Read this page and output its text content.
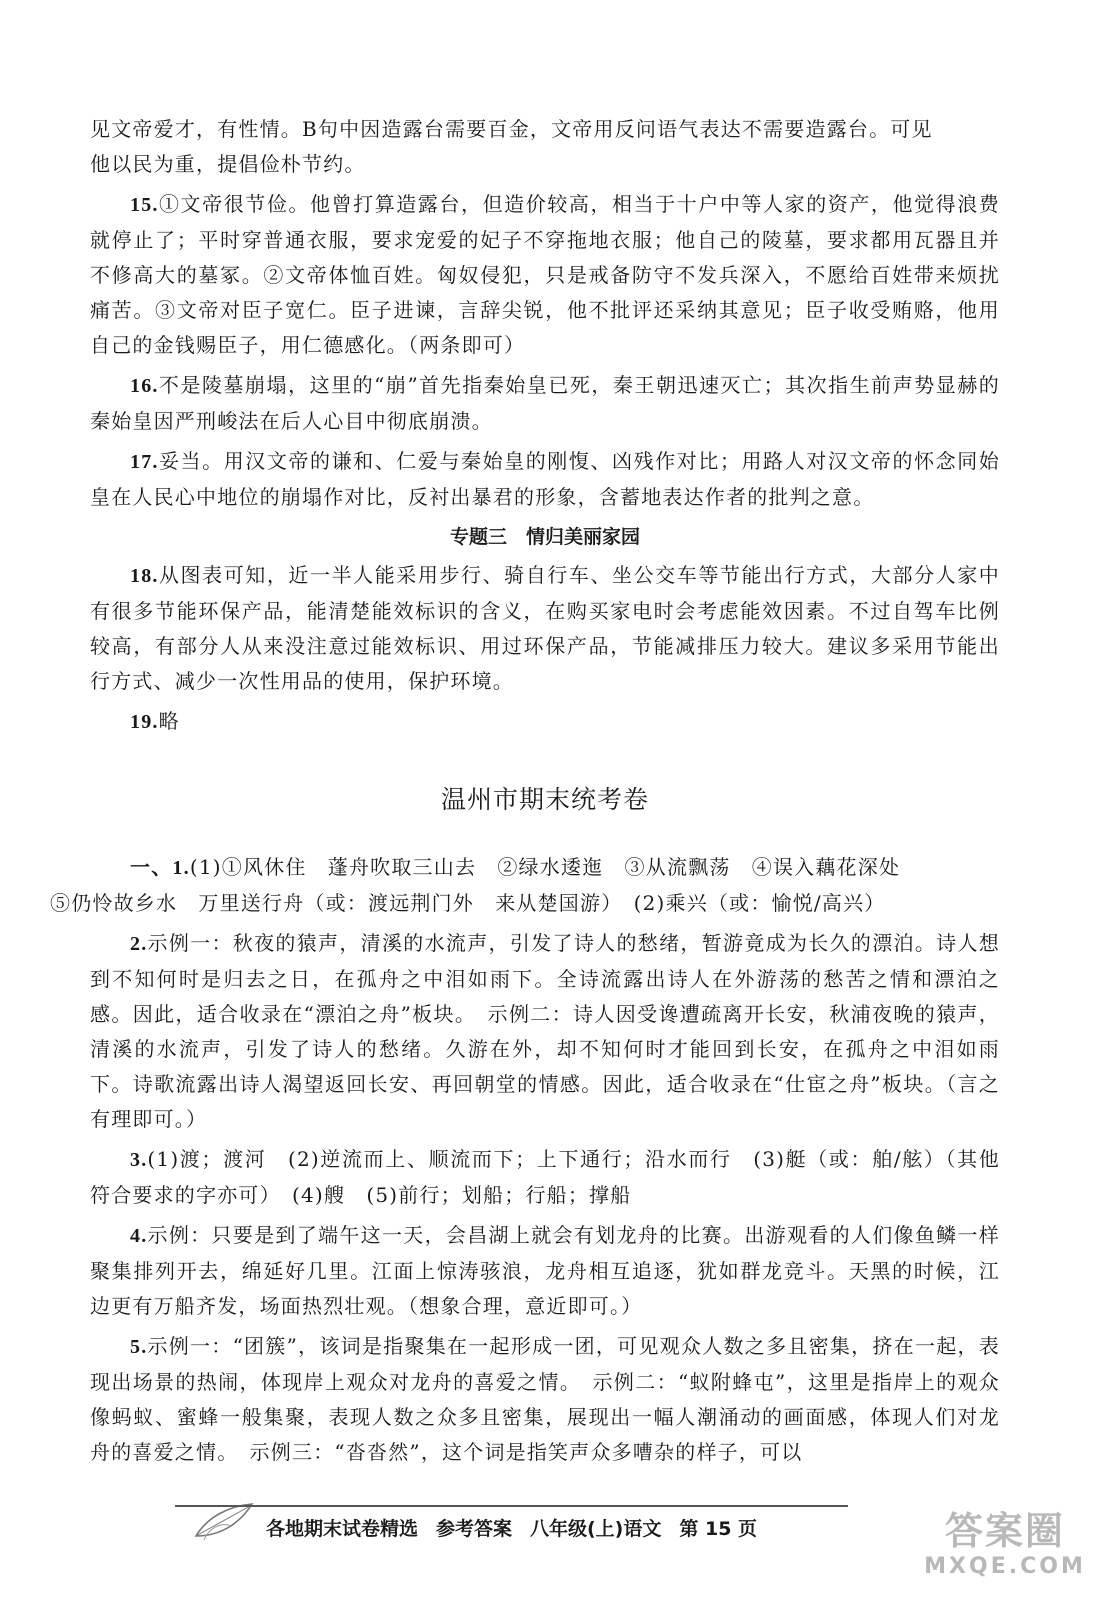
见文帝爱才，有性情。B句中因造露台需要百金，文帝用反问语气表达不需要造露台。可见
他以民为重，提倡俭朴节约。

15.①文帝很节俭。他曾打算造露台，但造价较高，相当于十户中等人家的资产，他觉得浪费就停止了；平时穿普通衣服，要求宠爱的妃子不穿拖地衣服；他自己的陵墓，要求都用瓦器且并不修高大的墓冢。②文帝体恤百姓。匈奴侵犯，只是戒备防守不发兵深入，不愿给百姓带来烦扰痛苦。③文帝对臣子宽仁。臣子进谏，言辞尖锐，他不批评还采纳其意见；臣子收受贿赂，他用自己的金钱赐臣子，用仁德感化。（两条即可）

16.不是陵墓崩塌，这里的“崩”首先指秦始皇已死，秦王朝迅速灭亡；其次指生前声势显赫的秦始皇因严刑峻法在后人心目中彻底崩溃。

17.妥当。用汉文帝的谦和、仁爱与秦始皇的刚愎、凶残作对比；用路人对汉文帝的怀念同始皇在人民心中地位的崩塌作对比，反衬出暴君的形象，含蓄地表达作者的批判之意。

专题三　情归美丽家园

18.从图表可知，近一半人能采用步行、骑自行车、坐公交车等节能出行方式，大部分人家中有很多节能环保产品，能清楚能效标识的含义，在购买家电时会考虑能效因素。不过自驾车比例较高，有部分人从来没注意过能效标识、用过环保产品，节能减排压力较大。建议多采用节能出行方式、减少一次性用品的使用，保护环境。

19.略

温州市期末统考卷

一、1.(1)①风休住　蓬舟吹取三山去　②绿水逶迤　③从流飘荡　④误入藕花深处
⑤仍怜故乡水　万里送行舟（或：渡远荆门外　来从楚国游）　(2)乘兴（或：愉悦/高兴）

2.示例一：秋夜的猿声，清溪的水流声，引发了诗人的愁绪，暂游竟成为长久的漂泊。诗人想到不知何时是归去之日，在孤舟之中泪如雨下。全诗流露出诗人在外游荡的愁苦之情和漂泊之感。因此，适合收录在“漂泊之舟”板块。　示例二：诗人因受谗遭疏离开长安，秋浦夜晚的猿声，清溪的水流声，引发了诗人的愁绪。久游在外，却不知何时才能回到长安，在孤舟之中泪如雨下。诗歌流露出诗人渴望返回长安、再回朝堂的情感。因此，适合收录在“仕宦之舟”板块。（言之有理即可。）

3.(1)渡；渡河　(2)逆流而上、顺流而下；上下通行；沿水而行　(3)艇（或：舶/舷）（其他符合要求的字亦可）　(4)艘　(5)前行；划船；行船；撑船

4.示例：只要是到了端午这一天，会昌湖上就会有划龙舟的比赛。出游观看的人们像鱼鳞一样聚集排列开去，绵延好几里。江面上惊涛骇浪，龙舟相互追逐，犹如群龙竞斗。天黑的时候，江边更有万船齐发，场面热烈壮观。（想象合理，意近即可。）

5.示例一：“团簇”，该词是指聚集在一起形成一团，可见观众人数之多且密集，挤在一起，表现出场景的热闹，体现岸上观众对龙舟的喜爱之情。　示例二：“蚁附蜂屯”，这里是指岸上的观众像蚂蚁、蜜蜂一般集聚，表现人数之众多且密集，展现出一幅人潮涌动的画面感，体现人们对龙舟的喜爱之情。　示例三：“沓沓然”，这个词是指笑声众多嘈杂的样子，可以

各地期末试卷精选 参考答案 八年级(上)语文 第 15 页	答案圈
MXQE.COM
